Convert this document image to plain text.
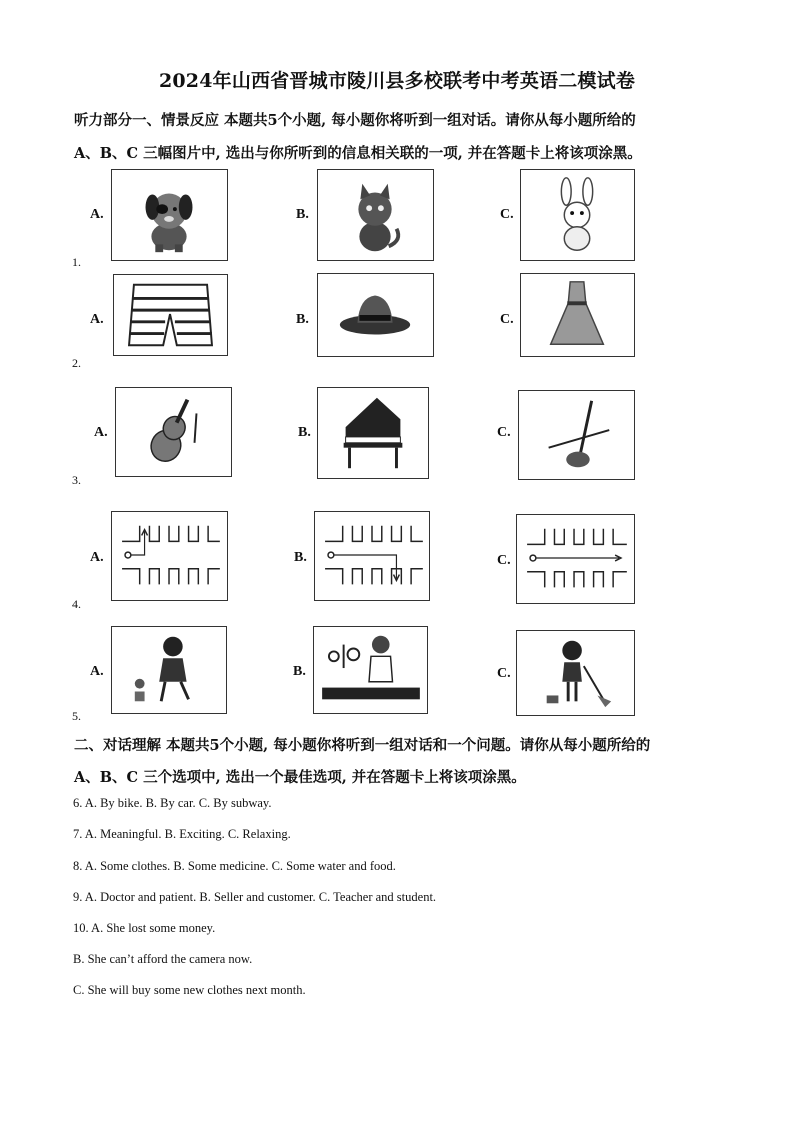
2024年山西省晋城市陵川县多校联考中考英语二模试卷
听力部分一、情景反应 本题共5个小题, 每小题你将听到一组对话。请你从每小题所给的
A、B、C 三幅图片中, 选出与你所听到的信息相关联的一项, 并在答题卡上将该项涂黑。
A.	B.	C.
1.
A.	B.	C.
2.
A.	B.	C.
3.
A.	B.	C.
4.
A.	B.	C.
5.
二、对话理解 本题共5个小题, 每小题你将听到一组对话和一个问题。请你从每小题所给的
A、B、C 三个选项中, 选出一个最佳选项, 并在答题卡上将该项涂黑。
6. A. By bike. B. By car. C. By subway.
7. A. Meaningful. B. Exciting. C. Relaxing.
8. A. Some clothes. B. Some medicine. C. Some water and food.
9. A. Doctor and patient. B. Seller and customer. C. Teacher and student.
10. A. She lost some money.
B. She can’t afford the camera now.
C. She will buy some new clothes next month.
